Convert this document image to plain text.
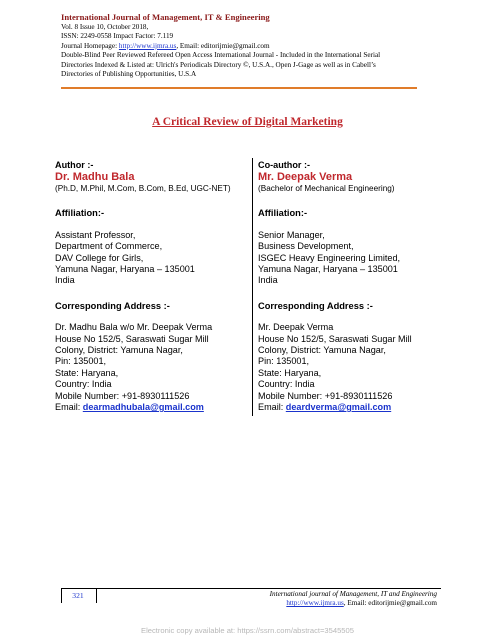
International Journal of Management, IT & Engineering
Vol. 8 Issue 10, October 2018,
ISSN: 2249-0558 Impact Factor: 7.119
Journal Homepage: http://www.ijmra.us, Email: editorijmie@gmail.com
Double-Blind Peer Reviewed Refereed Open Access International Journal - Included in the International Serial
Directories Indexed & Listed at: Ulrich's Periodicals Directory ©, U.S.A., Open J-Gage as well as in Cabell’s
Directories of Publishing Opportunities, U.S.A
A Critical Review of Digital Marketing
Author :-
Dr. Madhu Bala
(Ph.D, M.Phil, M.Com, B.Com, B.Ed, UGC-NET)
Affiliation:-
Assistant Professor,
Department of Commerce,
DAV College for Girls,
Yamuna Nagar, Haryana – 135001
India
Corresponding Address :-
Dr. Madhu Bala w/o Mr. Deepak Verma
House No 152/5, Saraswati Sugar Mill
Colony, District: Yamuna Nagar,
Pin: 135001,
State: Haryana,
Country: India
Mobile Number: +91-8930111526
Email: dearmadhubala@gmail.com
Co-author :-
Mr. Deepak Verma
(Bachelor of Mechanical Engineering)
Affiliation:-
Senior Manager,
Business Development,
ISGEC Heavy Engineering Limited,
Yamuna Nagar, Haryana – 135001
India
Corresponding Address :-
Mr. Deepak Verma
House No 152/5, Saraswati Sugar Mill
Colony, District: Yamuna Nagar,
Pin: 135001,
State: Haryana,
Country: India
Mobile Number: +91-8930111526
Email: deardverma@gmail.com
321	International journal of Management, IT and Engineering
http://www.ijmra.us, Email: editorijmie@gmail.com
Electronic copy available at: https://ssrn.com/abstract=3545505
